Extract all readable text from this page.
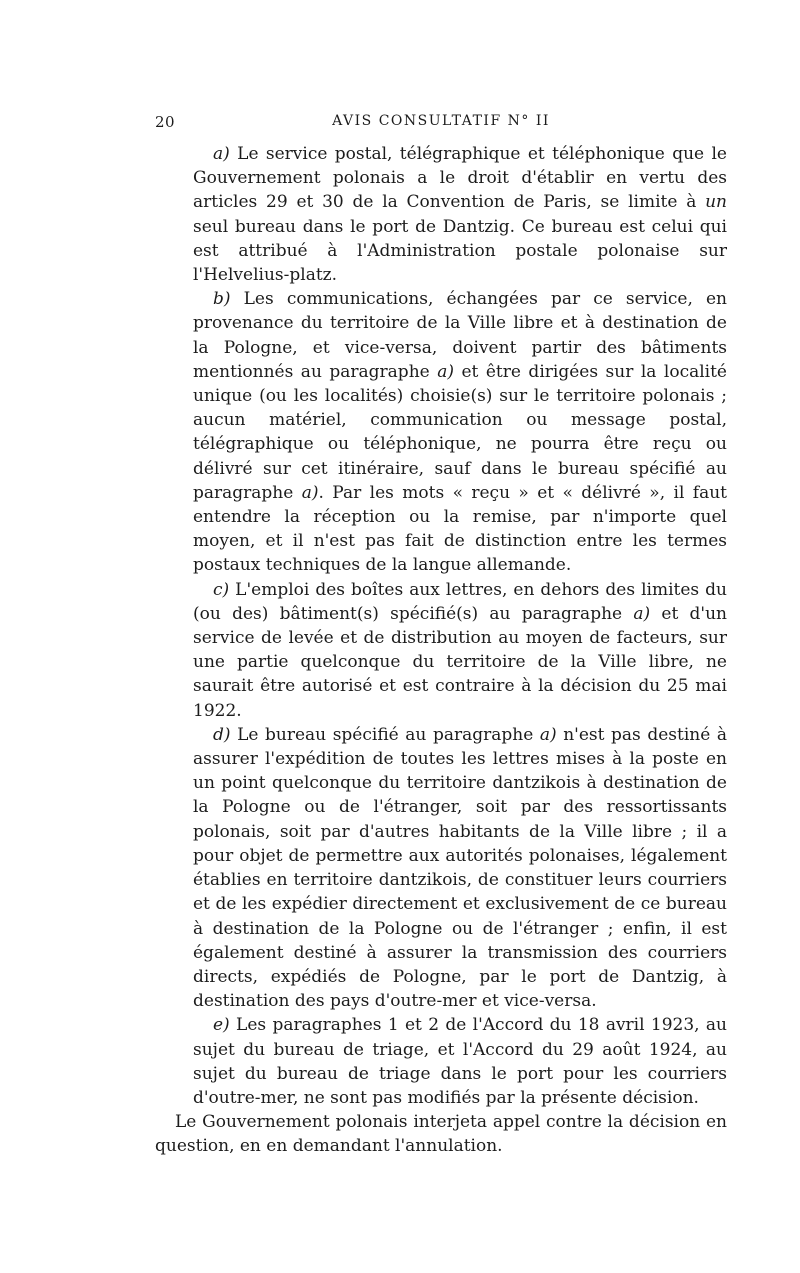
20	AVIS CONSULTATIF N° II

a) Le service postal, télégraphique et téléphonique que le Gouvernement polonais a le droit d'établir en vertu des articles 29 et 30 de la Convention de Paris, se limite à un seul bureau dans le port de Dantzig. Ce bureau est celui qui est attribué à l'Administration postale polonaise sur l'Helvelius-platz.

b) Les communications, échangées par ce service, en provenance du territoire de la Ville libre et à destination de la Pologne, et vice-versa, doivent partir des bâtiments mentionnés au paragraphe a) et être dirigées sur la localité unique (ou les localités) choisie(s) sur le territoire polonais ; aucun matériel, communication ou message postal, télégraphique ou téléphonique, ne pourra être reçu ou délivré sur cet itinéraire, sauf dans le bureau spécifié au paragraphe a). Par les mots « reçu » et « délivré », il faut entendre la réception ou la remise, par n'importe quel moyen, et il n'est pas fait de distinction entre les termes postaux techniques de la langue allemande.

c) L'emploi des boîtes aux lettres, en dehors des limites du (ou des) bâtiment(s) spécifié(s) au paragraphe a) et d'un service de levée et de distribution au moyen de facteurs, sur une partie quelconque du territoire de la Ville libre, ne saurait être autorisé et est contraire à la décision du 25 mai 1922.

d) Le bureau spécifié au paragraphe a) n'est pas destiné à assurer l'expédition de toutes les lettres mises à la poste en un point quelconque du territoire dantzikois à destination de la Pologne ou de l'étranger, soit par des ressortissants polonais, soit par d'autres habitants de la Ville libre ; il a pour objet de permettre aux autorités polonaises, légalement établies en territoire dantzikois, de constituer leurs courriers et de les expédier directement et exclusivement de ce bureau à destination de la Pologne ou de l'étranger ; enfin, il est également destiné à assurer la transmission des courriers directs, expédiés de Pologne, par le port de Dantzig, à destination des pays d'outre-mer et vice-versa.

e) Les paragraphes 1 et 2 de l'Accord du 18 avril 1923, au sujet du bureau de triage, et l'Accord du 29 août 1924, au sujet du bureau de triage dans le port pour les courriers d'outre-mer, ne sont pas modifiés par la présente décision.

Le Gouvernement polonais interjeta appel contre la décision en question, en en demandant l'annulation.
